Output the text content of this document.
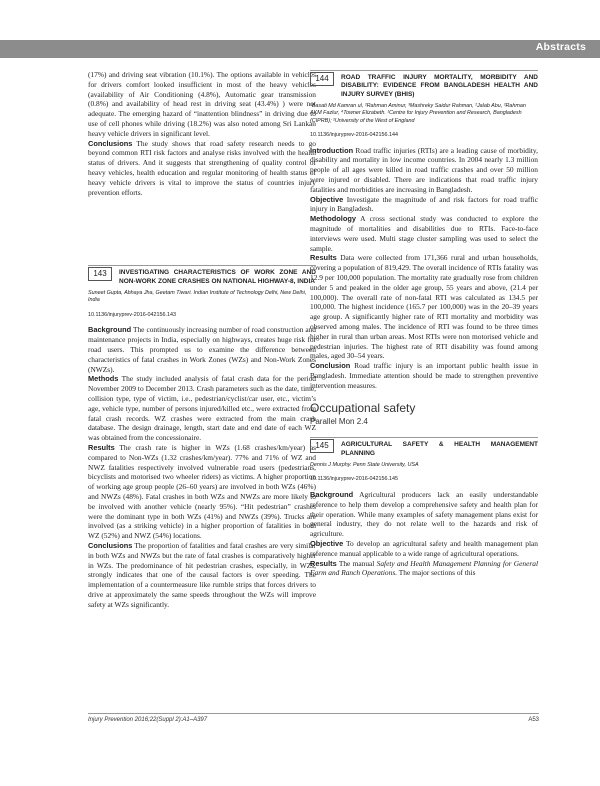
Abstracts

(17%) and driving seat vibration (10.1%). The options available in vehicles for drivers comfort looked insufficient in most of the heavy vehicles (availability of Air Conditioning (4.8%), Automatic gear transmission (0.8%) and availability of head rest in driving seat (43.4%) ) were not adequate. The emerging hazard of “inattention blindness” in driving due to use of cell phones while driving (18.2%) was also noted among Sri Lankan heavy vehicle drivers in significant level.

Conclusions The study shows that road safety research needs to go beyond common RTI risk factors and analyse risks involved with the health status of drivers. And it suggests that strengthening of quality control of heavy vehicles, health education and regular monitoring of health status of heavy vehicle drivers is vital to improve the status of countries injury prevention efforts.

143	INVESTIGATING CHARACTERISTICS OF WORK ZONE AND NON-WORK ZONE CRASHES ON NATIONAL HIGHWAY-8, INDIA
Suneet Gupta, Abhaya Jha, Geetam Tiwari. Indian Institute of Technology Delhi, New Delhi, India
10.1136/injuryprev-2016-042156.143

Background The continuously increasing number of road construction and maintenance projects in India, especially on highways, creates huge risk for road users. This prompted us to examine the difference between characteristics of fatal crashes in Work Zones (WZs) and Non-Work Zones (NWZs).

Methods The study included analysis of fatal crash data for the period November 2009 to December 2013. Crash parameters such as the date, time, collision type, type of victim, i.e., pedestrian/cyclist/car user, etc., victim’s age, vehicle type, number of persons injured/killed etc., were extracted from fatal crash records. WZ crashes were extracted from the main crash database. The design drainage, length, start date and end date of each WZ was obtained from the concessionaire.

Results The crash rate is higher in WZs (1.68 crashes/km/year) as compared to Non-WZs (1.32 crashes/km/year). 77% and 71% of WZ and NWZ fatalities respectively involved vulnerable road users (pedestrians, bicyclists and motorised two wheeler riders) as victims. A higher proportion of working age group people (26–60 years) are involved in both WZs (46%) and NWZs (48%). Fatal crashes in both WZs and NWZs are more likely to be involved with another vehicle (nearly 95%). “Hit pedestrian” crashes were the dominant type in both WZs (41%) and NWZs (39%). Trucks are involved (as a striking vehicle) in a higher proportion of fatalities in both WZ (52%) and NWZ (54%) locations.

Conclusions The proportion of fatalities and fatal crashes are very similar in both WZs and NWZs but the rate of fatal crashes is comparatively higher in WZs. The predominance of hit pedestrian crashes, especially, in WZs, strongly indicates that one of the causal factors is over speeding. The implementation of a countermeasure like rumble strips that forces drivers to drive at approximately the same speeds throughout the WZs will improve safety at WZs significantly.

144	ROAD TRAFFIC INJURY MORTALITY, MORBIDITY AND DISABILITY: EVIDENCE FROM BANGLADESH HEALTH AND INJURY SURVEY (BHIS)
¹Basati Md Kamran ul, ²Rahman Aminur, ³Mashreky Saidur Rahman, ²Jalab Abu, ²Rahman AKM Fazlur, ⁴Towner Elizabeth. ¹Centre for Injury Prevention and Research, Bangladesh (CIPRB); ²University of the West of England
10.1136/injuryprev-2016-042156.144

Introduction Road traffic injuries (RTIs) are a leading cause of morbidity, disability and mortality in low income countries. In 2004 nearly 1.3 million people of all ages were killed in road traffic crashes and over 50 million were injured or disabled. There are indications that road traffic injury fatalities and morbidities are increasing in Bangladesh.

Objective Investigate the magnitude of and risk factors for road traffic injury in Bangladesh.

Methodology A cross sectional study was conducted to explore the magnitude of mortalities and disabilities due to RTIs. Face-to-face interviews were used. Multi stage cluster sampling was used to select the sample.

Results Data were collected from 171,366 rural and urban households, covering a population of 819,429. The overall incidence of RTIs fatality was 12.9 per 100,000 population. The mortality rate gradually rose from children under 5 and peaked in the older age group, 55 years and above, (21.4 per 100,000). The overall rate of non-fatal RTI was calculated as 134.5 per 100,000. The highest incidence (165.7 per 100,000) was in the 20–39 years age group. A significantly higher rate of RTI mortality and morbidity was observed among males. The incidence of RTI was found to be three times higher in rural than urban areas. Most RTIs were non motorised vehicle and pedestrian injuries. The highest rate of RTI disability was found among males, aged 30–54 years.

Conclusion Road traffic injury is an important public health issue in Bangladesh. Immediate attention should be made to strengthen preventive intervention measures.

Occupational safety
Parallel Mon 2.4
145	AGRICULTURAL SAFETY & HEALTH MANAGEMENT PLANNING
Dennis J Murphy. Penn State University, USA
10.1136/injuryprev-2016-042156.145

Background Agricultural producers lack an easily understandable reference to help them develop a comprehensive safety and health plan for their operation. While many examples of safety management plans exist for general industry, they do not relate well to the hazards and risk of agriculture.

Objective To develop an agricultural safety and health management plan reference manual applicable to a wide range of agricultural operations.

Results The manual Safety and Health Management Planning for General Farm and Ranch Operations. The major sections of this

Injury Prevention 2016;22(Suppl 2):A1–A397	A53
